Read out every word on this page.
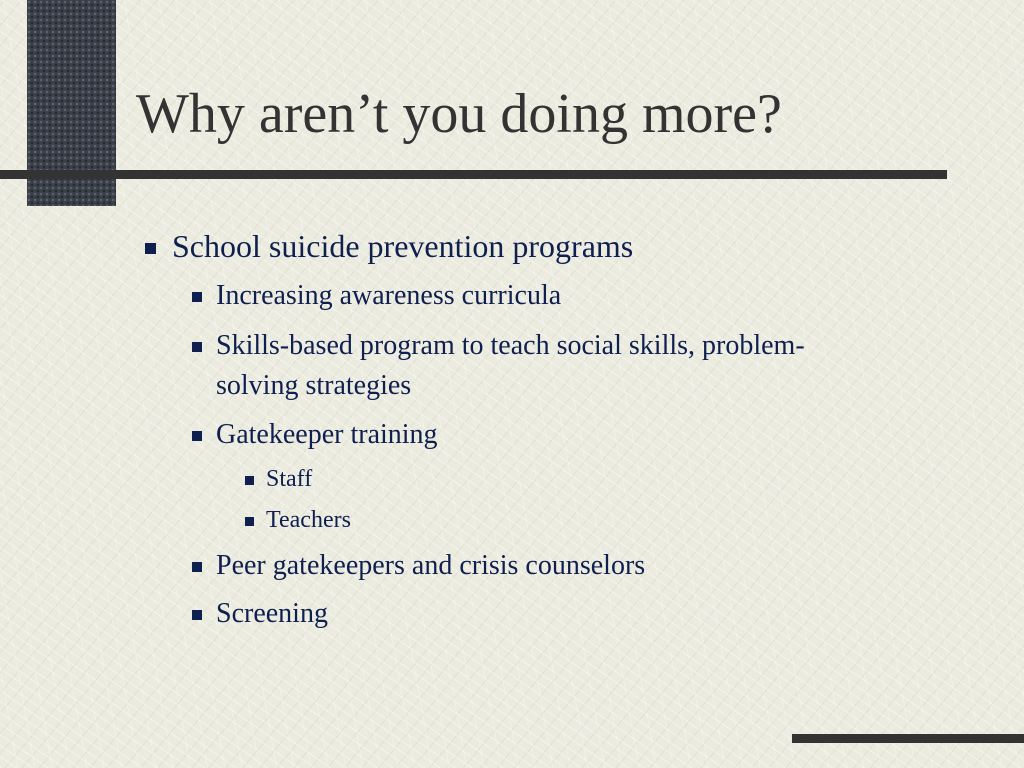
Why aren’t you doing more?
School suicide prevention programs
Increasing awareness curricula
Skills-based program to teach social skills, problem-
solving strategies
Gatekeeper training
Staff
Teachers
Peer gatekeepers and crisis counselors
Screening
